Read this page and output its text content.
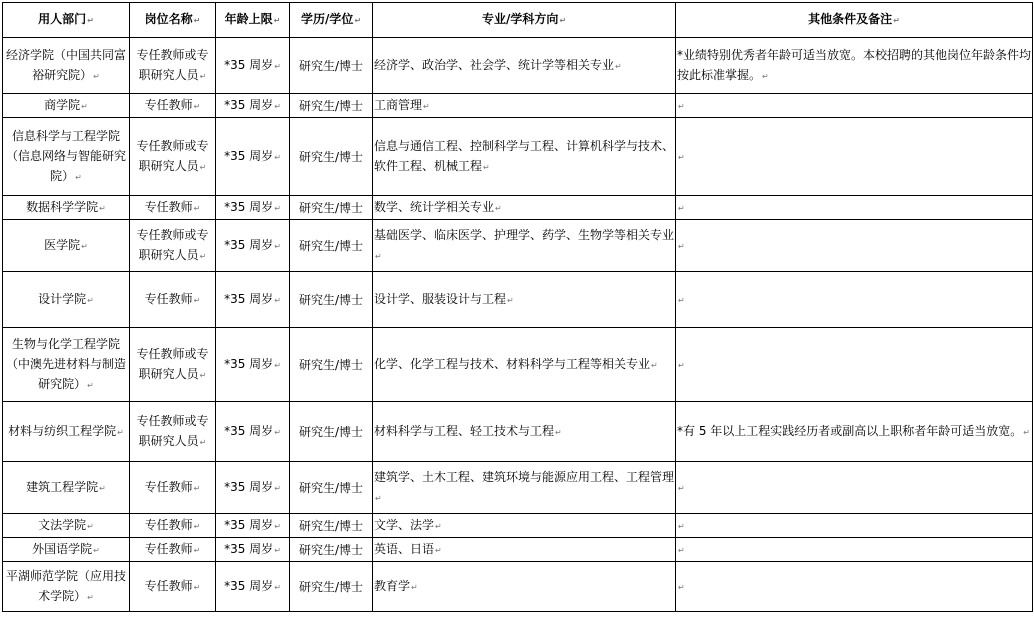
用人部门↵	岗位名称↵	年龄上限↵	学历/学位↵	专业/学科方向↵	其他条件及备注↵
经济学院（中国共同富裕研究院）↵	专任教师或专职研究人员↵	*35 周岁↵	研究生/博士	经济学、政治学、社会学、统计学等相关专业↵	*业绩特别优秀者年龄可适当放宽。本校招聘的其他岗位年龄条件均按此标准掌握。↵
商学院↵	专任教师↵	*35 周岁↵	研究生/博士	工商管理↵	↵
信息科学与工程学院（信息网络与智能研究院）↵	专任教师或专职研究人员↵	*35 周岁↵	研究生/博士	信息与通信工程、控制科学与工程、计算机科学与技术、软件工程、机械工程↵	↵
数据科学学院↵	专任教师↵	*35 周岁↵	研究生/博士	数学、统计学相关专业↵	↵
医学院↵	专任教师或专职研究人员↵	*35 周岁↵	研究生/博士	基础医学、临床医学、护理学、药学、生物学等相关专业↵	↵
设计学院↵	专任教师↵	*35 周岁↵	研究生/博士	设计学、服装设计与工程↵	↵
生物与化学工程学院（中澳先进材料与制造研究院）↵	专任教师或专职研究人员↵	*35 周岁↵	研究生/博士	化学、化学工程与技术、材料科学与工程等相关专业↵	↵
材料与纺织工程学院↵	专任教师或专职研究人员↵	*35 周岁↵	研究生/博士	材料科学与工程、轻工技术与工程↵	*有 5 年以上工程实践经历者或副高以上职称者年龄可适当放宽。↵
建筑工程学院↵	专任教师↵	*35 周岁↵	研究生/博士	建筑学、土木工程、建筑环境与能源应用工程、工程管理↵	↵
文法学院↵	专任教师↵	*35 周岁↵	研究生/博士	文学、法学↵	↵
外国语学院↵	专任教师↵	*35 周岁↵	研究生/博士	英语、日语↵	↵
平湖师范学院（应用技术学院）↵	专任教师↵	*35 周岁↵	研究生/博士	教育学↵	↵
